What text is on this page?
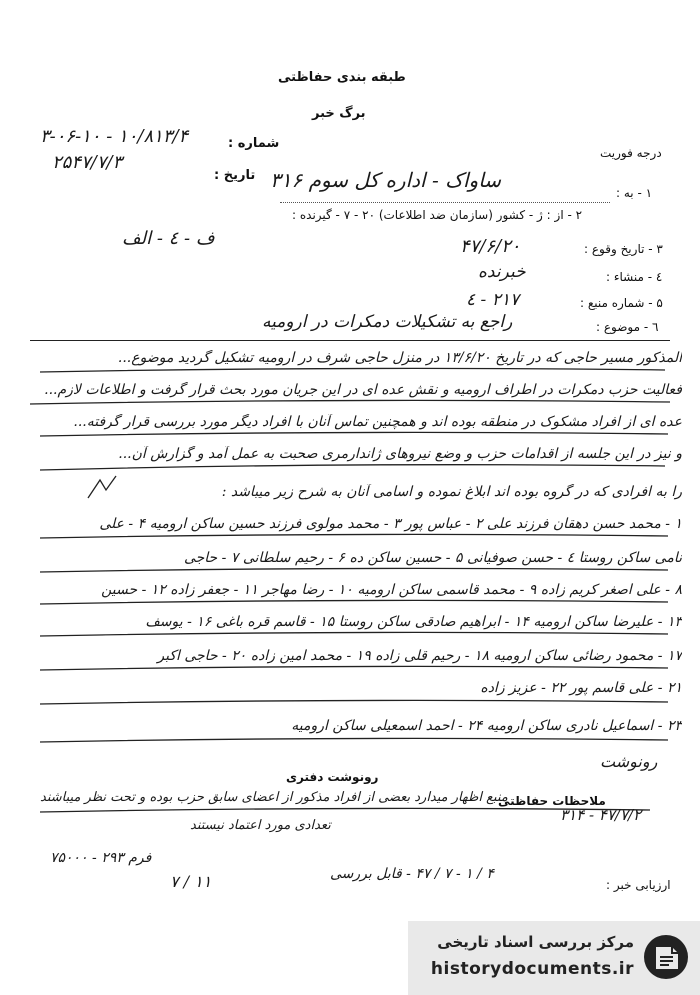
طبقه بندی حفاظتی
برگ خبر
شماره :
۱۰/۸۱۳/۴ - ۳-۰۶-۱۰
تاریخ :
۲۵۴۷/۷/۳	درجه فوریت
ساواک - اداره کل سوم ۳۱۶
۱ - به :
۲ - از : ژ - کشور (سازمان ضد اطلاعات) ۲۰ - ۷ - گیرنده :
ف - ٤ - الف	۳ - تاریخ وقوع :
۴۷/۶/۲۰
٤ - منشاء :
خبرنده
۵ - شماره منبع :
۲۱۷ - ٤
٦ - موضوع :
راجع به تشکیلات دمکرات در ارومیه
المذکور مسیر حاجی که در تاریخ ۱۳/۶/۲۰ در منزل حاجی شرف در ارومیه تشکیل گردید موضوع...
فعالیت حزب دمکرات در اطراف ارومیه و نقش عده ای در این جریان مورد بحث قرار گرفت و اطلاعات لازم...
عده ای از افراد مشکوک در منطقه بوده اند و همچنین تماس آنان با افراد دیگر مورد بررسی قرار گرفته...
و نیز در این جلسه از اقدامات حزب و وضع نیروهای ژاندارمری صحبت به عمل آمد و گزارش آن...
را به افرادی که در گروه بوده اند ابلاغ نموده و اسامی آنان به شرح زیر میباشد :
۱ - محمد حسن دهقان فرزند علی ۲ - عباس پور ۳ - محمد مولوی فرزند حسین ساکن ارومیه ۴ - علی
نامی ساکن روستا ٤ - حسن صوفیانی ۵ - حسین ساکن ده ۶ - رحیم سلطانی ۷ - حاجی
۸ - علی اصغر کریم زاده ۹ - محمد قاسمی ساکن ارومیه ۱۰ - رضا مهاجر ۱۱ - جعفر زاده ۱۲ - حسین
۱۳ - علیرضا ساکن ارومیه ۱۴ - ابراهیم صادقی ساکن روستا ۱۵ - قاسم قره باغی ۱۶ - یوسف
۱۷ - محمود رضائی ساکن ارومیه ۱۸ - رحیم قلی زاده ۱۹ - محمد امین زاده ۲۰ - حاجی اکبر
۲۱ - علی قاسم پور ۲۲ - عزیز زاده
۲۳ - اسماعیل نادری ساکن ارومیه ۲۴ - احمد اسمعیلی ساکن ارومیه
رونوشت
رونوشت دفتری
ملاحظات حفاظتی
منبع اظهار میدارد بعضی از افراد مذکور از اعضای سابق حزب بوده و تحت نظر میباشند
تعدادی مورد اعتماد نیستند
۴۷/۷/۲ - ۳۱۴
فرم ۲۹۳ - ۷۵۰۰۰
ارزیابی خبر :
۴ / ۱ - ۷ / ۴۷ - قابل بررسی
۱۱ / ۷
مرکز بررسی اسناد تاریخی
historydocuments.ir
